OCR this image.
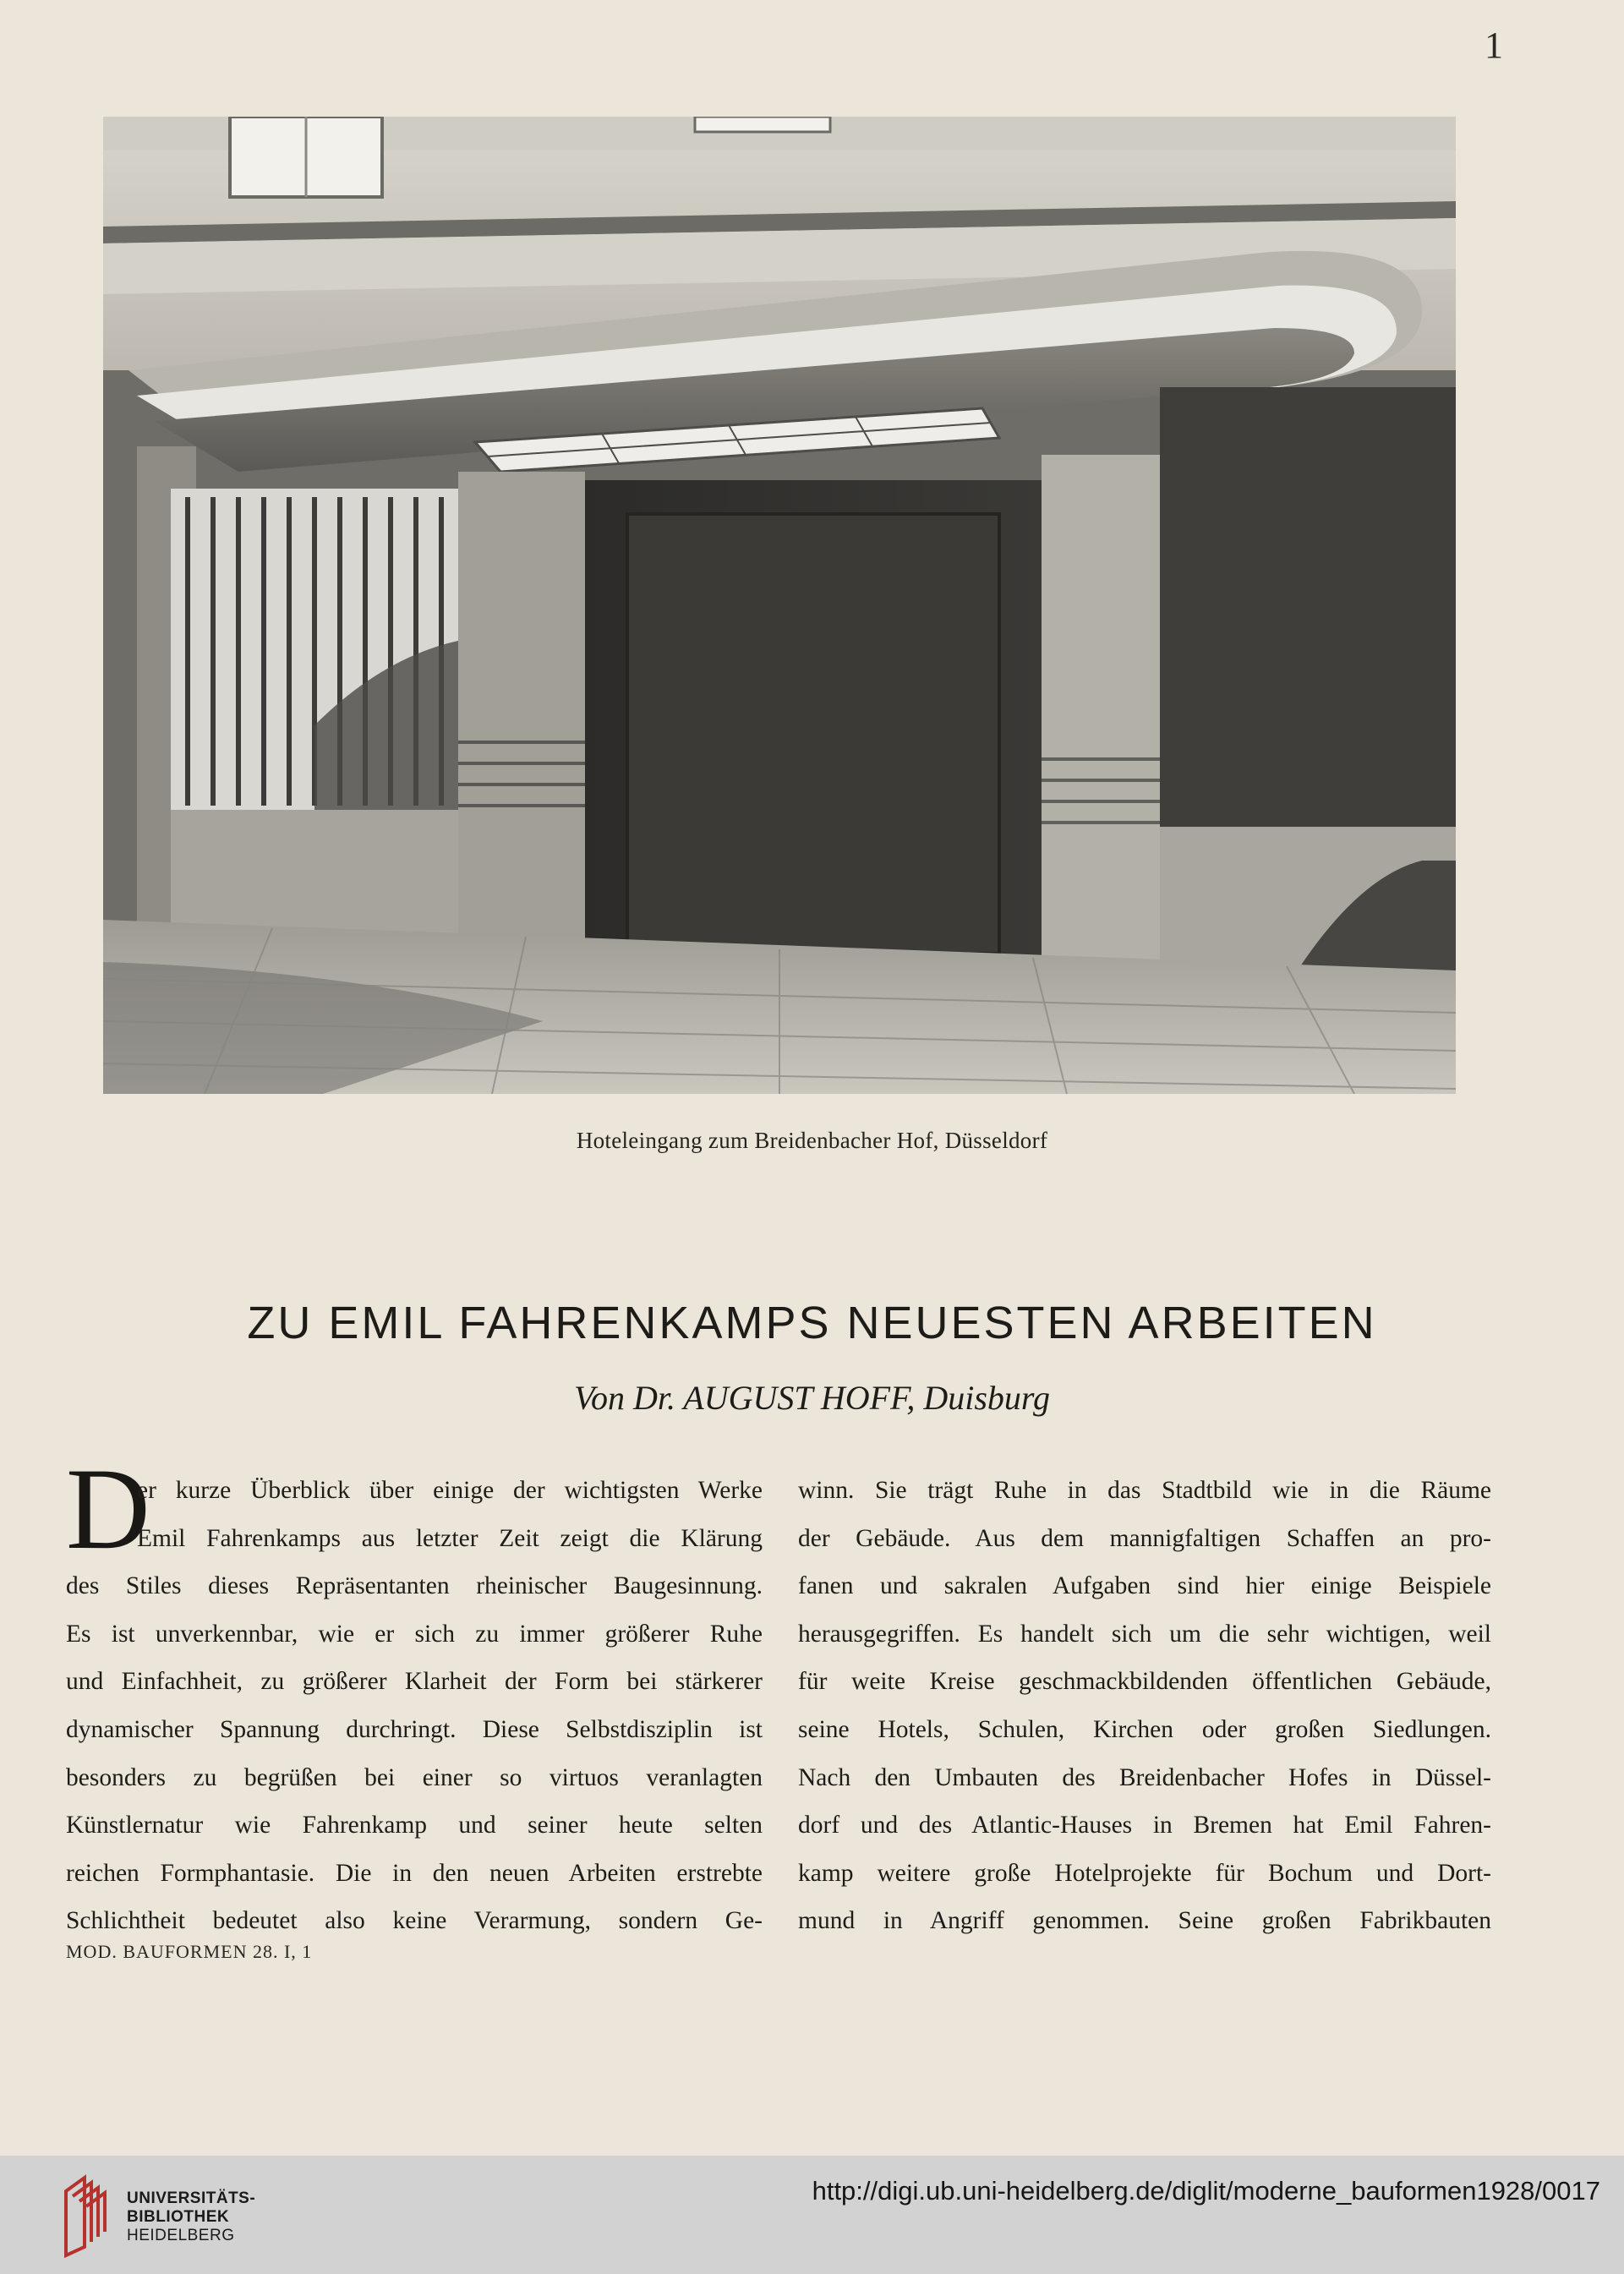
1
Hoteleingang zum Breidenbacher Hof, Düsseldorf
ZU EMIL FAHRENKAMPS NEUESTEN ARBEITEN
Von Dr. AUGUST HOFF, Duisburg
D
er kurze Überblick über einige der wichtigsten Werke
Emil Fahrenkamps aus letzter Zeit zeigt die Klärung
des Stiles dieses Repräsentanten rheinischer Baugesinnung.
Es ist unverkennbar, wie er sich zu immer größerer Ruhe
und Einfachheit, zu größerer Klarheit der Form bei stärkerer
dynamischer Spannung durchringt. Diese Selbstdisziplin ist
besonders zu begrüßen bei einer so virtuos veranlagten
Künstlernatur wie Fahrenkamp und seiner heute selten
reichen Formphantasie. Die in den neuen Arbeiten erstrebte
Schlichtheit bedeutet also keine Verarmung, sondern Ge-
winn. Sie trägt Ruhe in das Stadtbild wie in die Räume
der Gebäude. Aus dem mannigfaltigen Schaffen an pro-
fanen und sakralen Aufgaben sind hier einige Beispiele
herausgegriffen. Es handelt sich um die sehr wichtigen, weil
für weite Kreise geschmackbildenden öffentlichen Gebäude,
seine Hotels, Schulen, Kirchen oder großen Siedlungen.
Nach den Umbauten des Breidenbacher Hofes in Düssel-
dorf und des Atlantic-Hauses in Bremen hat Emil Fahren-
kamp weitere große Hotelprojekte für Bochum und Dort-
mund in Angriff genommen. Seine großen Fabrikbauten
MOD. BAUFORMEN 28. I, 1
UNIVERSITÄTS-
BIBLIOTHEK
HEIDELBERG
http://digi.ub.uni-heidelberg.de/diglit/moderne_bauformen1928/0017
